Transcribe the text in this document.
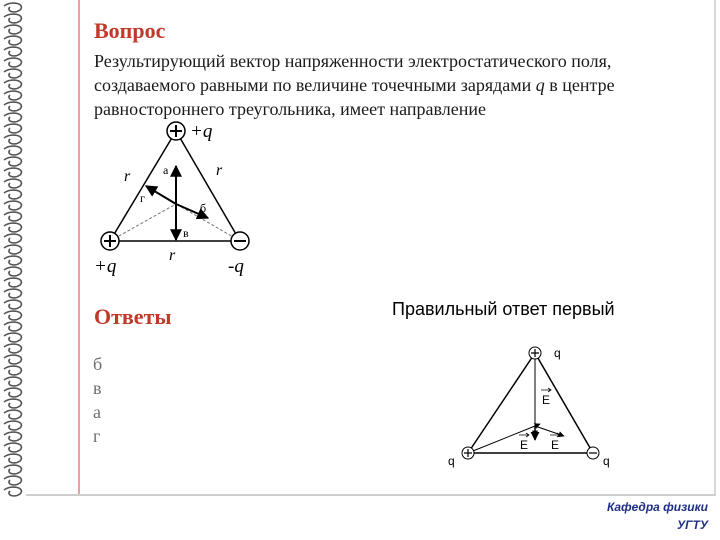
Вопрос

Результирующий вектор напряженности электростатического поля, создаваемого равными по величине точечными зарядами q в центре равностороннего треугольника, имеет направление

а
б
в
г
r	r
r
+q
+q	-q
Ответы	Правильный ответ первый

б
в
а
г
E
E E
q
q	q
Кафедра физики
УГТУ
